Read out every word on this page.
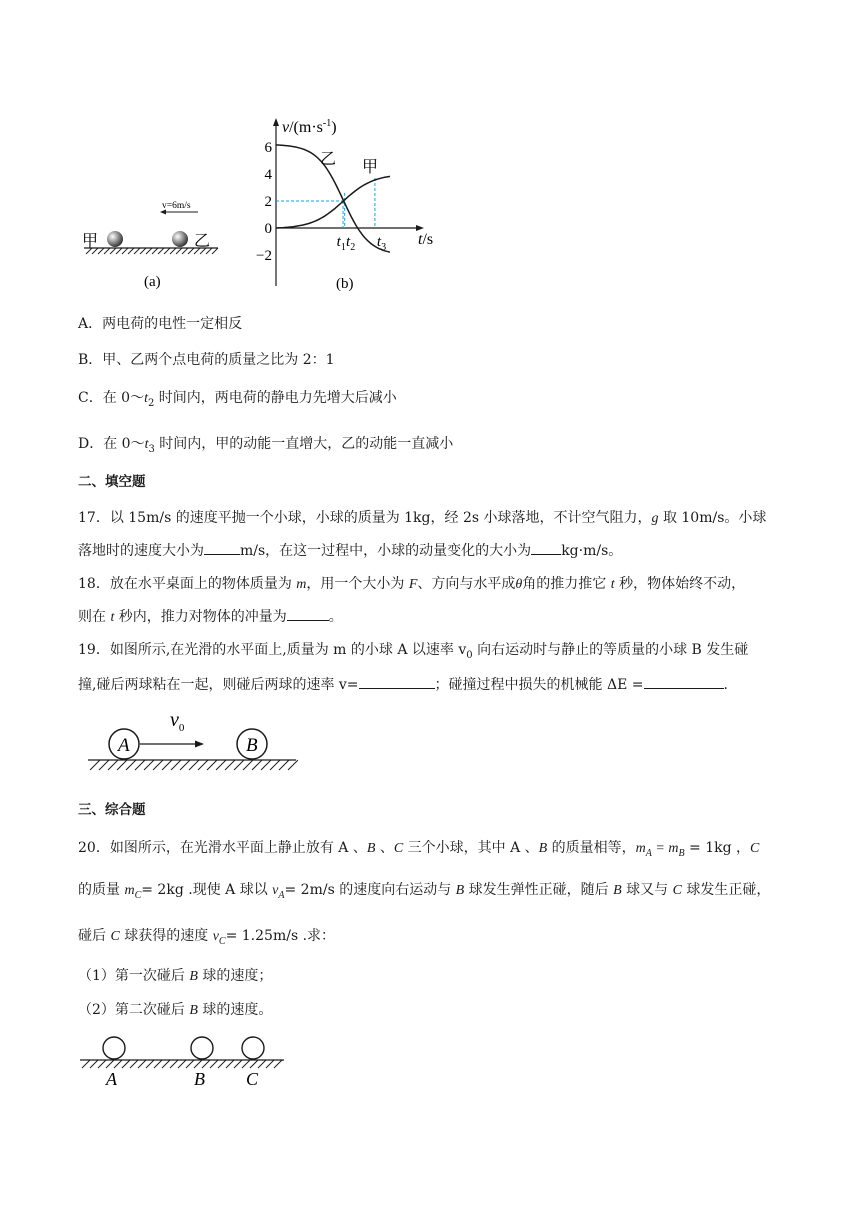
v=6m/s
甲	乙
(a)
$v/(m\cdot s^{-1})$
t/s
6
4
2
0
−2
乙 甲
$t_1$ $t_2$ $t_3$
(b)
A．两电荷的电性一定相反
B．甲、乙两个点电荷的质量之比为 2：1
C．在 $0\sim t_2$ 时间内，两电荷的静电力先增大后减小
D．在 $0\sim t_3$ 时间内，甲的动能一直增大，乙的动能一直减小
二、填空题
17．以 15m/s 的速度平抛一个小球，小球的质量为 1kg，经 2s 小球落地，不计空气阻力，g 取 10m/s。小球
落地时的速度大小为	m/s，在这一过程中，小球的动量变化的大小为 kg·m/s。
18．放在水平桌面上的物体质量为 m，用一个大小为 F、方向与水平成θ角的推力推它 t 秒，物体始终不动，
则在 t 秒内，推力对物体的冲量为	。
19．如图所示,在光滑的水平面上,质量为 m 的小球 A 以速率 $v_0$ 向右运动时与静止的等质量的小球 B 发生碰
撞,碰后两球粘在一起，则碰后两球的速率 v=	；碰撞过程中损失的机械能 ΔE =	.
A	B
$v_0$
三、综合题
20．如图所示，在光滑水平面上静止放有 A 、B 、C 三个小球，其中 A 、B 的质量相等，$m_A = m_B = 1kg$ ，C
的质量 $m_C= 2kg$ .现使 A 球以 $v_A= 2m/s$ 的速度向右运动与 B 球发生弹性正碰，随后 B 球又与 C 球发生正碰，
碰后 C 球获得的速度 $v_C= 1.25m/s$ .求：
（1）第一次碰后 B 球的速度；
（2）第二次碰后 B 球的速度。
A	B C
